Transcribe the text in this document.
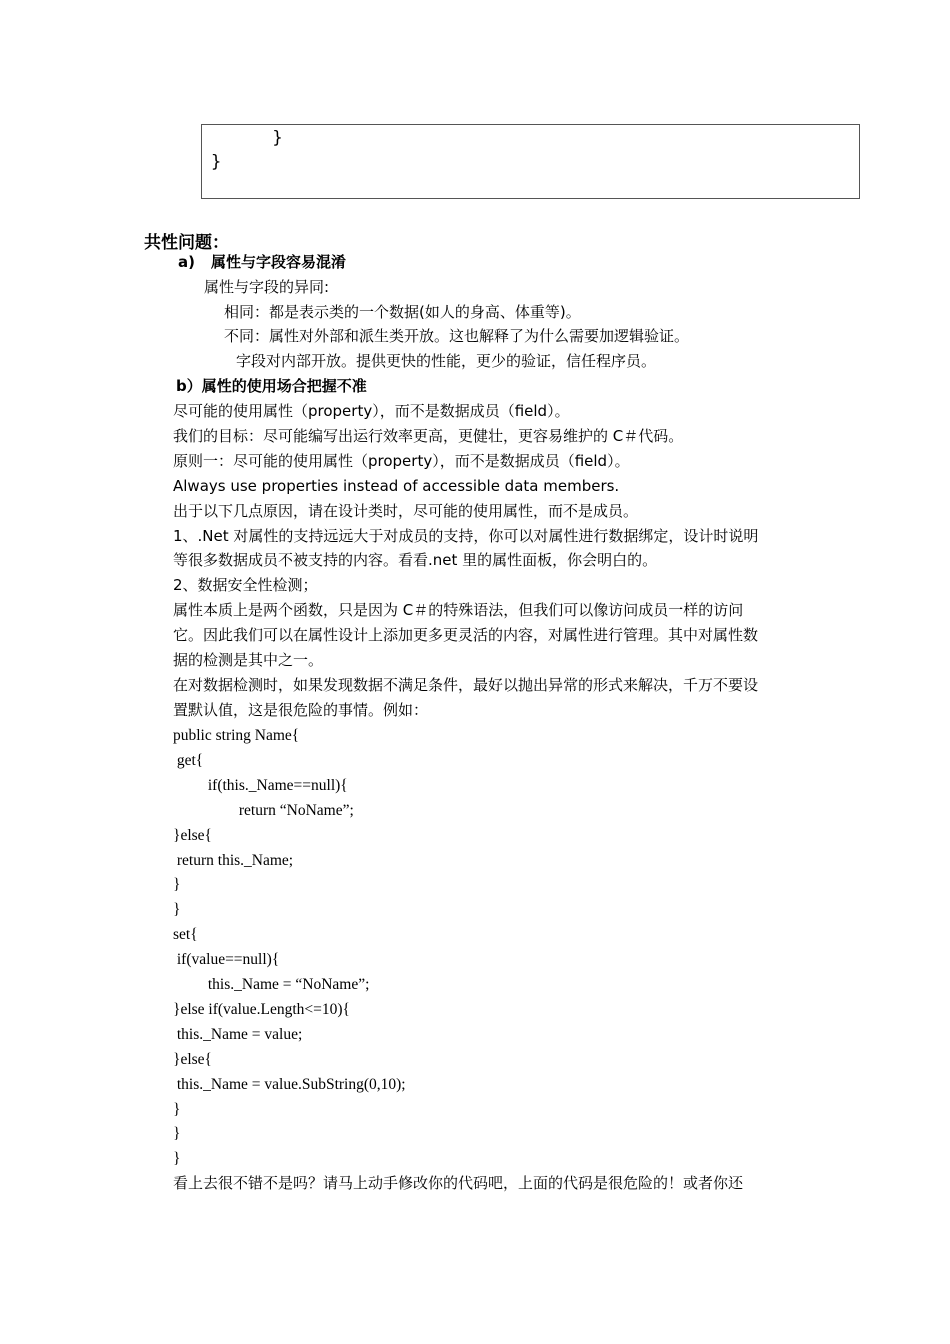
}
}
共性问题：
a) 属性与字段容易混淆
属性与字段的异同:
相同：都是表示类的一个数据(如人的身高、体重等)。
不同：属性对外部和派生类开放。这也解释了为什么需要加逻辑验证。
字段对内部开放。提供更快的性能，更少的验证，信任程序员。
b）属性的使用场合把握不准
尽可能的使用属性（property），而不是数据成员（field）。
我们的目标：尽可能编写出运行效率更高，更健壮，更容易维护的 C＃代码。
原则一：尽可能的使用属性（property），而不是数据成员（field）。
Always use properties instead of accessible data members.
出于以下几点原因，请在设计类时，尽可能的使用属性，而不是成员。
1、.Net 对属性的支持远远大于对成员的支持，你可以对属性进行数据绑定，设计时说明
等很多数据成员不被支持的内容。看看.net 里的属性面板，你会明白的。
2、数据安全性检测；
属性本质上是两个函数，只是因为 C＃的特殊语法，但我们可以像访问成员一样的访问
它。因此我们可以在属性设计上添加更多更灵活的内容，对属性进行管理。其中对属性数
据的检测是其中之一。
在对数据检测时，如果发现数据不满足条件，最好以抛出异常的形式来解决，千万不要设
置默认值，这是很危险的事情。例如：
public string Name{
get{
if(this._Name==null){
return “NoName”;
}else{
return this._Name;
}
}
set{
if(value==null){
this._Name = “NoName”;
}else if(value.Length<=10){
this._Name = value;
}else{
this._Name = value.SubString(0,10);
}
}
}
看上去很不错不是吗？请马上动手修改你的代码吧，上面的代码是很危险的！或者你还
